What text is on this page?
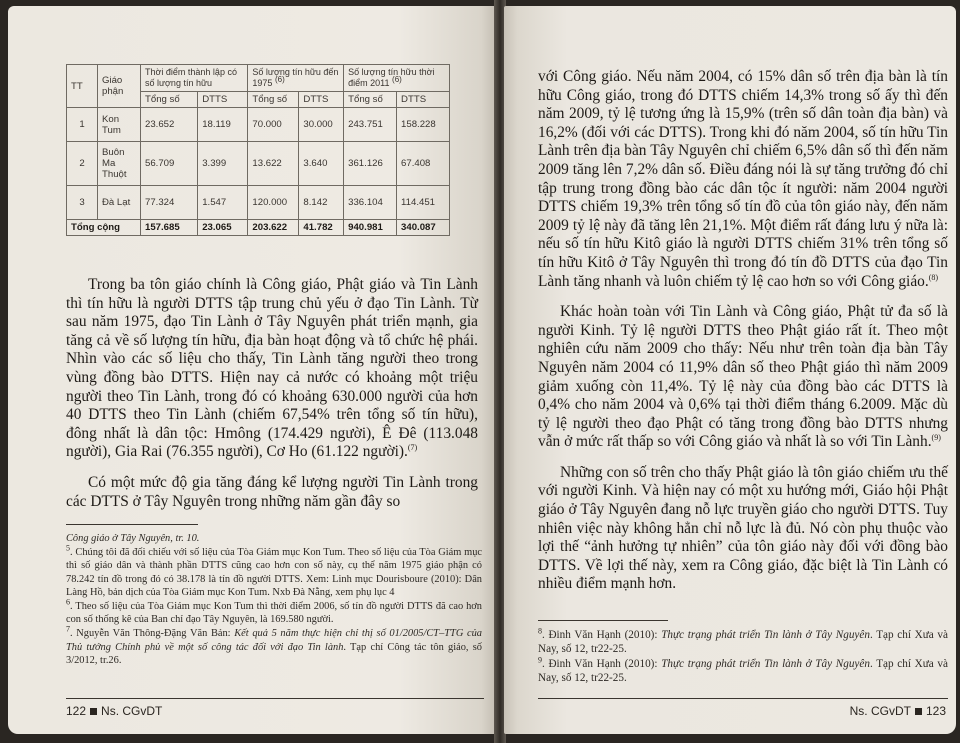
TT	Giáo phận	Thời điểm thành lập có số lượng tín hữu		Số lượng tín hữu đến 1975 $^{(6)}$		Số lượng tín hữu thời điểm 2011 $^{(6)}$
		Tổng số	DTTS	Tổng số	DTTS	Tổng số	DTTS
1	Kon Tum	23.652	18.119	70.000	30.000	243.751	158.228
2	Buôn Ma Thuột	56.709	3.399	13.622	3.640	361.126	67.408
3	Đà Lạt	77.324	1.547	120.000	8.142	336.104	114.451
Tổng cộng		157.685	23.065	203.622	41.782	940.981	340.087

Trong ba tôn giáo chính là Công giáo, Phật giáo và Tin Lành thì tín hữu là người DTTS tập trung chủ yếu ở đạo Tin Lành. Từ sau năm 1975, đạo Tin Lành ở Tây Nguyên phát triển mạnh, gia tăng cả về số lượng tín hữu, địa bàn hoạt động và tổ chức hệ phái. Nhìn vào các số liệu cho thấy, Tin Lành tăng người theo trong vùng đồng bào DTTS. Hiện nay cả nước có khoảng một triệu người theo Tin Lành, trong đó có khoảng 630.000 người của hơn 40 DTTS theo Tin Lành (chiếm 67,54% trên tổng số tín hữu), đông nhất là dân tộc: Hmông (174.429 người), Ê Đê (113.048 người), Gia Rai (76.355 người), Cơ Ho (61.122 người).$^{(7)}$

Có một mức độ gia tăng đáng kể lượng người Tin Lành trong các DTTS ở Tây Nguyên trong những năm gần đây so

Công giáo ở Tây Nguyên, tr. 10.

$^5$. Chúng tôi đã đối chiếu với số liệu của Tòa Giám mục Kon Tum. Theo số liệu của Tòa Giám mục thì số giáo dân và thành phần DTTS cũng cao hơn con số này, cụ thể năm 1975 giáo phận có 78.242 tín đồ trong đó có 38.178 là tín đồ người DTTS. Xem: Linh mục Dourisboure (2010): Dân Làng Hồ, bản dịch của Tòa Giám mục Kon Tum. Nxb Đà Nẵng, xem phụ lục 4

$^6$. Theo số liệu của Tòa Giám mục Kon Tum thì thời điểm 2006, số tín đồ người DTTS đã cao hơn con số thống kê của Ban chỉ đạo Tây Nguyên, là 169.580 người.

$^7$. Nguyễn Văn Thông-Đặng Văn Bản: Kết quả 5 năm thực hiện chỉ thị số 01/2005/CT–TTG của Thủ tướng Chính phủ về một số công tác đối với đạo Tin lành. Tạp chí Công tác tôn giáo, số 3/2012, tr.26.

122 Ns. CGvDT

với Công giáo. Nếu năm 2004, có 15% dân số trên địa bàn là tín hữu Công giáo, trong đó DTTS chiếm 14,3% trong số ấy thì đến năm 2009, tỷ lệ tương ứng là 15,9% (trên số dân toàn địa bàn) và 16,2% (đối với các DTTS). Trong khi đó năm 2004, số tín hữu Tin Lành trên địa bàn Tây Nguyên chỉ chiếm 6,5% dân số thì đến năm 2009 tăng lên 7,2% dân số. Điều đáng nói là sự tăng trưởng đó chỉ tập trung trong đồng bào các dân tộc ít người: năm 2004 người DTTS chiếm 19,3% trên tổng số tín đồ của tôn giáo này, đến năm 2009 tỷ lệ này đã tăng lên 21,1%. Một điểm rất đáng lưu ý nữa là: nếu số tín hữu Kitô giáo là người DTTS chiếm 31% trên tổng số tín hữu Kitô ở Tây Nguyên thì trong đó tín đồ DTTS của đạo Tin Lành tăng nhanh và luôn chiếm tỷ lệ cao hơn so với Công giáo.$^{(8)}$

Khác hoàn toàn với Tin Lành và Công giáo, Phật tử đa số là người Kinh. Tỷ lệ người DTTS theo Phật giáo rất ít. Theo một nghiên cứu năm 2009 cho thấy: Nếu như trên toàn địa bàn Tây Nguyên năm 2004 có 11,9% dân số theo Phật giáo thì năm 2009 giảm xuống còn 11,4%. Tỷ lệ này của đồng bào các DTTS là 0,4% cho năm 2004 và 0,6% tại thời điểm tháng 6.2009. Mặc dù tỷ lệ người theo đạo Phật có tăng trong đồng bào DTTS nhưng vẫn ở mức rất thấp so với Công giáo và nhất là so với Tin Lành.$^{(9)}$

Những con số trên cho thấy Phật giáo là tôn giáo chiếm ưu thế với người Kinh. Và hiện nay có một xu hướng mới, Giáo hội Phật giáo ở Tây Nguyên đang nỗ lực truyền giáo cho người DTTS. Tuy nhiên việc này không hẳn chỉ nỗ lực là đủ. Nó còn phụ thuộc vào lợi thế “ảnh hưởng tự nhiên” của tôn giáo này đối với đồng bào DTTS. Về lợi thế này, xem ra Công giáo, đặc biệt là Tin Lành có nhiều điểm mạnh hơn.

$^8$. Đinh Văn Hạnh (2010): Thực trạng phát triển Tin lành ở Tây Nguyên. Tạp chí Xưa và Nay, số 12, tr22-25.

$^9$. Đinh Văn Hạnh (2010): Thực trạng phát triển Tin lành ở Tây Nguyên. Tạp chí Xưa và Nay, số 12, tr22-25.

Ns. CGvDT 123
